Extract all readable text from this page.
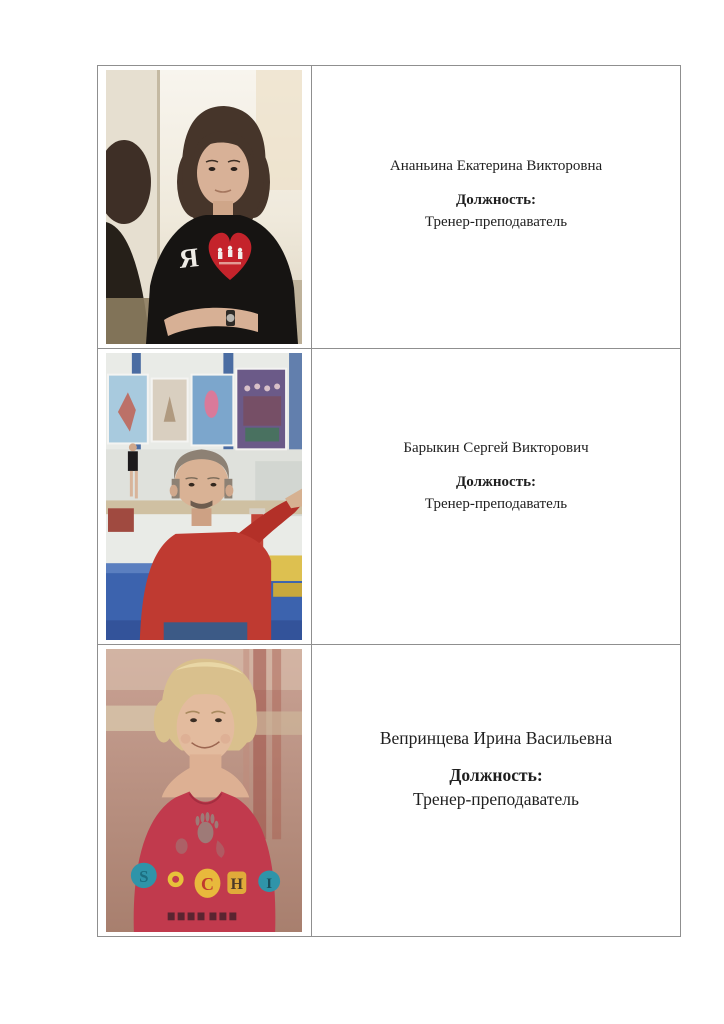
Я
Ананьина Екатерина Викторовна
Должность:
Тренер-преподаватель
Барыкин Сергей Викторович
Должность:
Тренер-преподаватель
S	C H I
Вепринцева Ирина Васильевна
Должность:
Тренер-преподаватель
